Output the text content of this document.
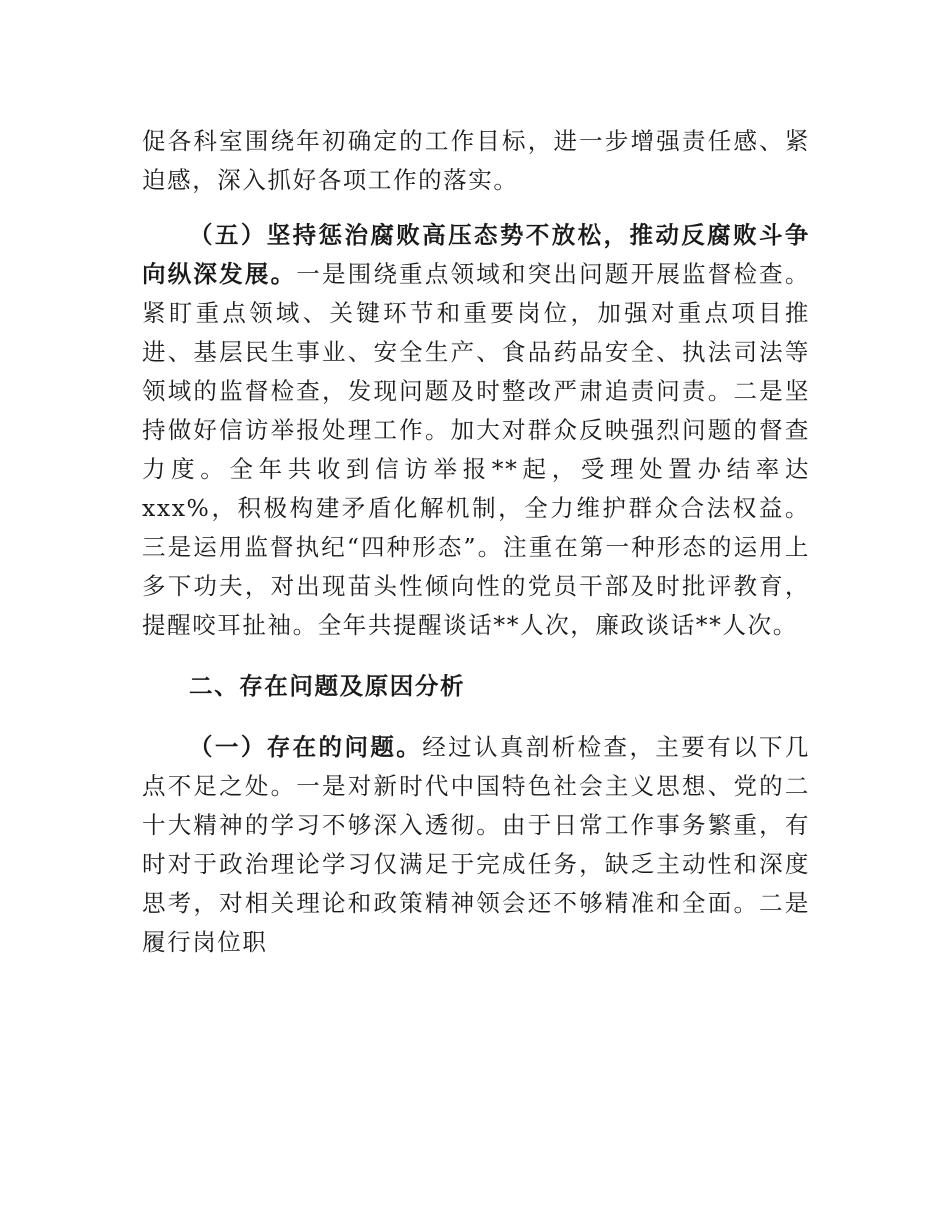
促各科室围绕年初确定的工作目标，进一步增强责任感、紧迫感，深入抓好各项工作的落实。

（五）坚持惩治腐败高压态势不放松，推动反腐败斗争向纵深发展。一是围绕重点领域和突出问题开展监督检查。紧盯重点领域、关键环节和重要岗位，加强对重点项目推进、基层民生事业、安全生产、食品药品安全、执法司法等领域的监督检查，发现问题及时整改严肃追责问责。二是坚持做好信访举报处理工作。加大对群众反映强烈问题的督查力度。全年共收到信访举报**起，受理处置办结率达xxx%，积极构建矛盾化解机制，全力维护群众合法权益。三是运用监督执纪“四种形态”。注重在第一种形态的运用上多下功夫，对出现苗头性倾向性的党员干部及时批评教育，提醒咬耳扯袖。全年共提醒谈话**人次，廉政谈话**人次。

二、存在问题及原因分析

（一）存在的问题。经过认真剖析检查，主要有以下几点不足之处。一是对新时代中国特色社会主义思想、党的二十大精神的学习不够深入透彻。由于日常工作事务繁重，有时对于政治理论学习仅满足于完成任务，缺乏主动性和深度思考，对相关理论和政策精神领会还不够精准和全面。二是履行岗位职
